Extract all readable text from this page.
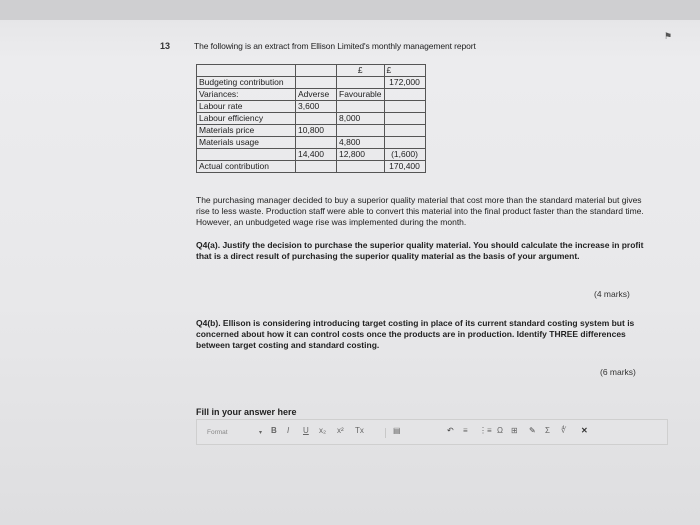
13	The following is an extract from Ellison Limited's monthly management report
⚑
		£	£
Budgeting contribution			172,000
Variances:	Adverse	Favourable	
Labour rate	3,600		
Labour efficiency		8,000	
Materials price	10,800		
Materials usage		4,800	
	14,400	12,800	(1,600)
Actual contribution			170,400
The purchasing manager decided to buy a superior quality material that cost more than the standard material but gives rise to less waste. Production staff were able to convert this material into the final product faster than the standard time. However, an unbudgeted wage rise was implemented during the month.
Q4(a). Justify the decision to purchase the superior quality material. You should calculate the increase in profit that is a direct result of purchasing the superior quality material as the basis of your argument.
(4 marks)
Q4(b). Ellison is considering introducing target costing in place of its current standard costing system but is concerned about how it can control costs once the products are in production. Identify THREE differences between target costing and standard costing.
(6 marks)
Fill in your answer here
Format	▾ B I U x₂ x² Tx	▤	↶ ≡ ⋮≡ Ω ⊞ ✎ Σ ∜ ✕
